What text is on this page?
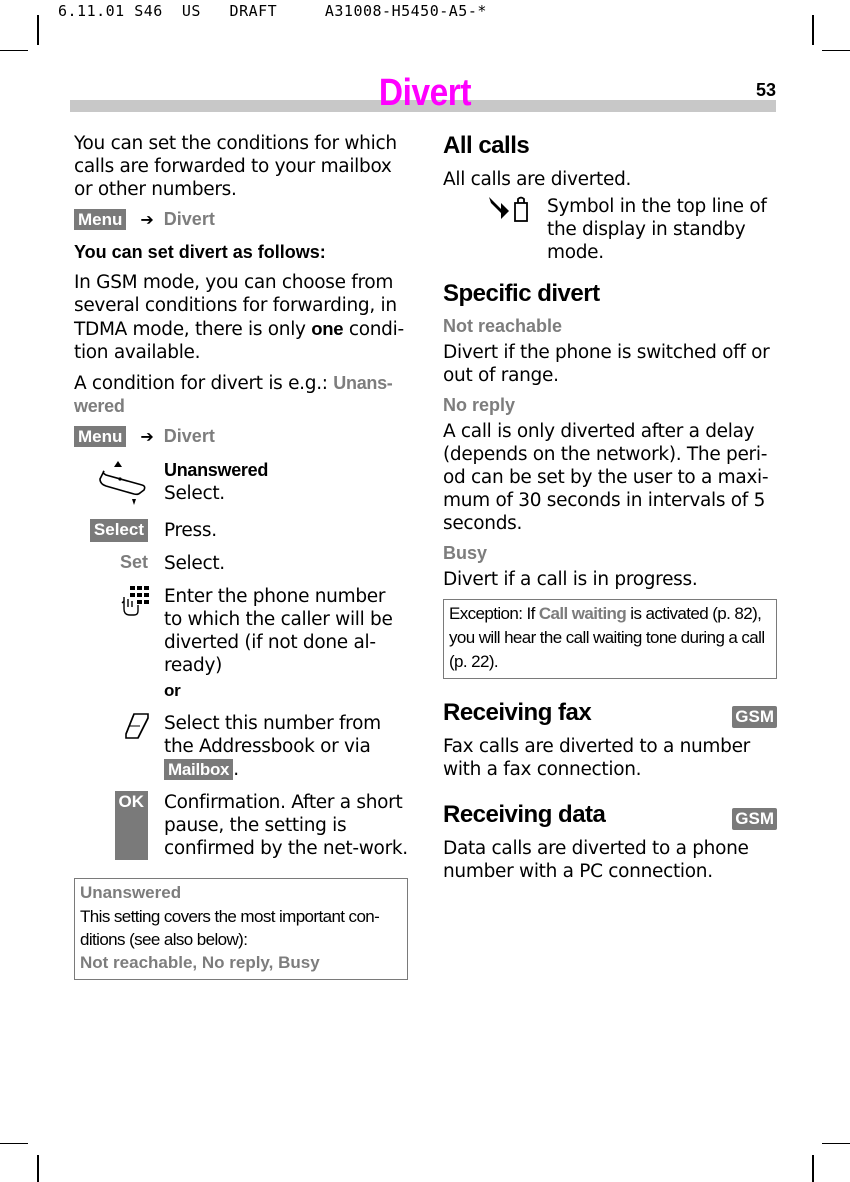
6.11.01 S46  US   DRAFT     A31008-H5450-A5-*
53
Divert

You can set the conditions for which calls are forwarded to your mailbox or other numbers.

Menu ➔ Divert
You can set divert as follows:

In GSM mode, you can choose from several conditions for forwarding, in TDMA mode, there is only one condi-tion available.

A condition for divert is e.g.: Unans-wered

Menu ➔ Divert
Unanswered
Select.
Select Press.
Set Select.
Enter the phone number to which the caller will be diverted (if not done al-ready)
or
Select this number from the Addressbook or via Mailbox .
OK Confirmation. After a short pause, the setting is confirmed by the net-work.
Unanswered
This setting covers the most important con-ditions (see also below):
Not reachable, No reply, Busy
All calls

All calls are diverted.

Symbol in the top line of the display in standby mode.
Specific divert
Not reachable

Divert if the phone is switched off or out of range.

No reply

A call is only diverted after a delay (depends on the network). The peri-od can be set by the user to a maxi-mum of 30 seconds in intervals of 5 seconds.

Busy

Divert if a call is in progress.

Exception: If Call waiting is activated (p. 82), you will hear the call waiting tone during a call (p. 22).
Receiving fax	GSM

Fax calls are diverted to a number with a fax connection.

Receiving data	GSM

Data calls are diverted to a phone number with a PC connection.
